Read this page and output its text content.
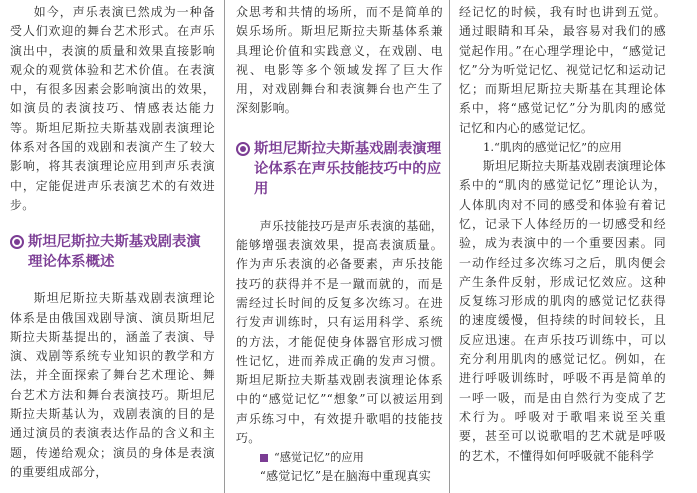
如今，声乐表演已然成为一种备受人们欢迎的舞台艺术形式。在声乐演出中，表演的质量和效果直接影响观众的观赏体验和艺术价值。在表演中，有很多因素会影响演出的效果，如演员的表演技巧、情感表达能力等。斯坦尼斯拉夫斯基戏剧表演理论体系对各国的戏剧和表演产生了较大影响，将其表演理论应用到声乐表演中，定能促进声乐表演艺术的有效进步。

斯坦尼斯拉夫斯基戏剧表演理论体系概述

斯坦尼斯拉夫斯基戏剧表演理论体系是由俄国戏剧导演、演员斯坦尼斯拉夫斯基提出的，涵盖了表演、导演、戏剧等系统专业知识的教学和方法，并全面探索了舞台艺术理论、舞台艺术方法和舞台表演技巧。斯坦尼斯拉夫斯基认为，戏剧表演的目的是通过演员的表演表达作品的含义和主题，传递给观众；演员的身体是表演的重要组成部分，

众思考和共情的场所，而不是简单的娱乐场所。斯坦尼斯拉夫斯基体系兼具理论价值和实践意义，在戏剧、电视、电影等多个领域发挥了巨大作用，对戏剧舞台和表演舞台也产生了深刻影响。

斯坦尼斯拉夫斯基戏剧表演理论体系在声乐技能技巧中的应用

声乐技能技巧是声乐表演的基础，能够增强表演效果，提高表演质量。作为声乐表演的必备要素，声乐技能技巧的获得并不是一蹴而就的，而是需经过长时间的反复多次练习。在进行发声训练时，只有运用科学、系统的方法，才能促使身体器官形成习惯性记忆，进而养成正确的发声习惯。斯坦尼斯拉夫斯基戏剧表演理论体系中的“感觉记忆”“想象”可以被运用到声乐练习中，有效提升歌唱的技能技巧。

“感觉记忆”的应用

“感觉记忆”是在脑海中重现真实

经记忆的时候，我有时也讲到五觉。通过眼睛和耳朵，最容易对我们的感觉起作用。”在心理学理论中，“感觉记忆”分为听觉记忆、视觉记忆和运动记忆；而斯坦尼斯拉夫斯基在其理论体系中，将“感觉记忆”分为肌肉的感觉记忆和内心的感觉记忆。

1.“肌肉的感觉记忆”的应用

斯坦尼斯拉夫斯基戏剧表演理论体系中的“肌肉的感觉记忆”理论认为，人体肌肉对不同的感受和体验有着记忆，记录下人体经历的一切感受和经验，成为表演中的一个重要因素。同一动作经过多次练习之后，肌肉便会产生条件反射，形成记忆效应。这种反复练习形成的肌肉的感觉记忆获得的速度缓慢，但持续的时间较长，且反应迅速。在声乐技巧训练中，可以充分利用肌肉的感觉记忆。例如，在进行呼吸训练时，呼吸不再是简单的一呼一吸，而是由自然行为变成了艺术行为。呼吸对于歌唱来说至关重要，甚至可以说歌唱的艺术就是呼吸的艺术，不懂得如何呼吸就不能科学
